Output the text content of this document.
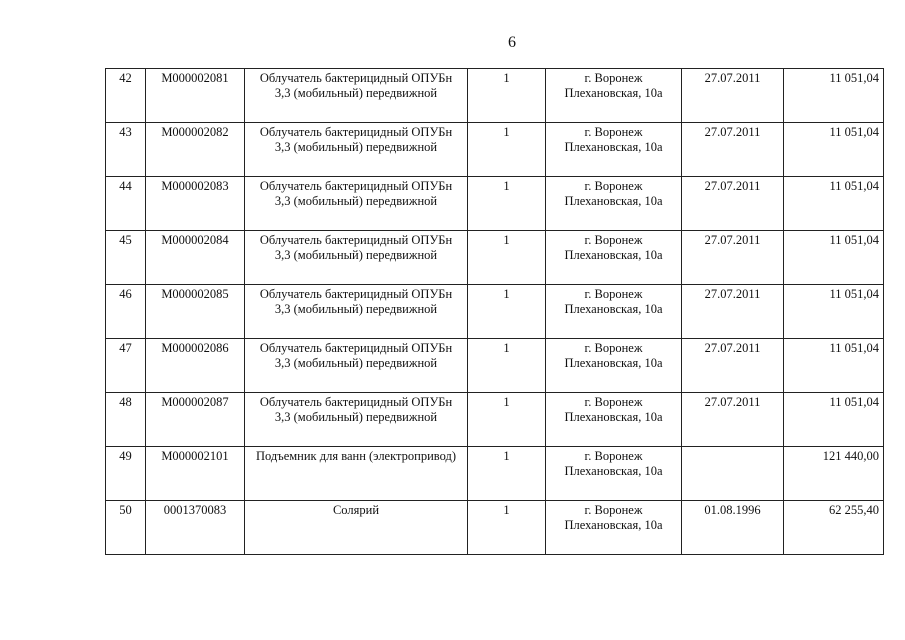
6
42	М000002081	Облучатель бактерицидный ОПУБн
3,3 (мобильный) передвижной	1	г. Воронеж
Плехановская, 10а	27.07.2011	11 051,04

43	М000002082	Облучатель бактерицидный ОПУБн
3,3 (мобильный) передвижной	1	г. Воронеж
Плехановская, 10а	27.07.2011	11 051,04

44	М000002083	Облучатель бактерицидный ОПУБн
3,3 (мобильный) передвижной	1	г. Воронеж
Плехановская, 10а	27.07.2011	11 051,04

45	М000002084	Облучатель бактерицидный ОПУБн
3,3 (мобильный) передвижной	1	г. Воронеж
Плехановская, 10а	27.07.2011	11 051,04

46	М000002085	Облучатель бактерицидный ОПУБн
3,3 (мобильный) передвижной	1	г. Воронеж
Плехановская, 10а	27.07.2011	11 051,04

47	М000002086	Облучатель бактерицидный ОПУБн
3,3 (мобильный) передвижной	1	г. Воронеж
Плехановская, 10а	27.07.2011	11 051,04

48	М000002087	Облучатель бактерицидный ОПУБн
3,3 (мобильный) передвижной	1	г. Воронеж
Плехановская, 10а	27.07.2011	11 051,04

49	М000002101	Подъемник для ванн (электропривод)	1	г. Воронеж
Плехановская, 10а		121 440,00

50	0001370083	Солярий	1	г. Воронеж
Плехановская, 10а	01.08.1996	62 255,40
